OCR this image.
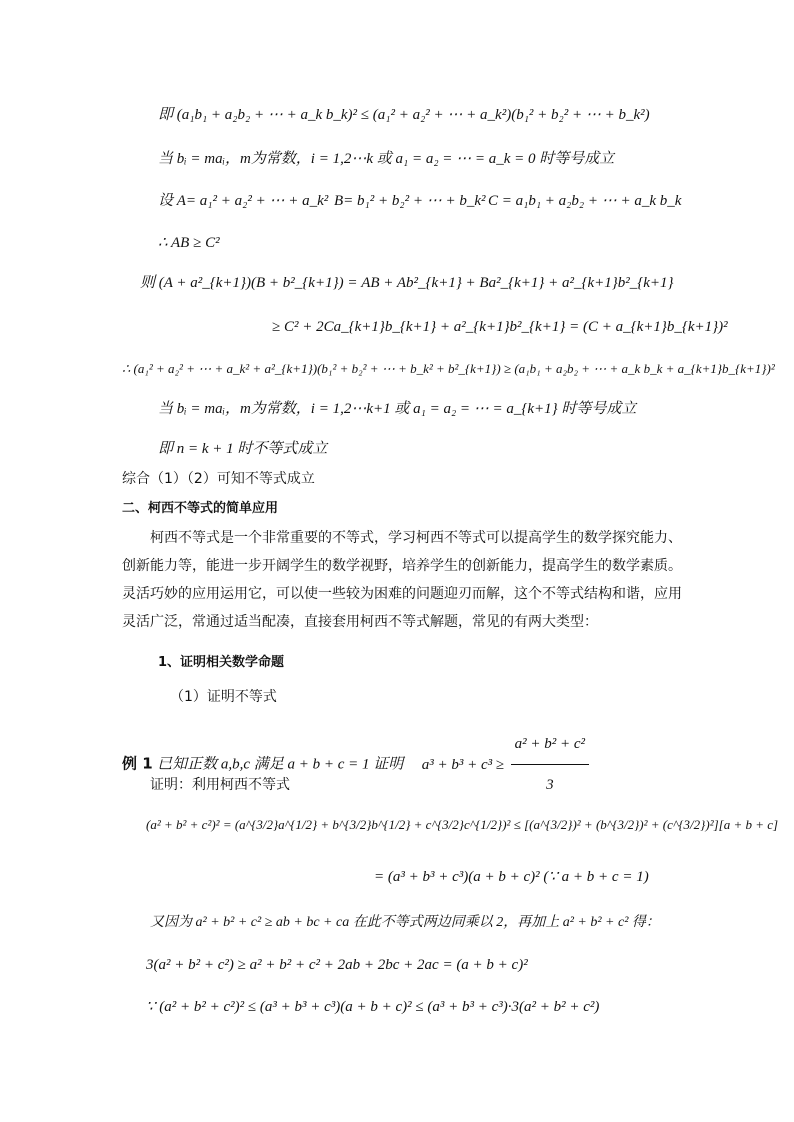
即 (a₁b₁ + a₂b₂ + ⋯ + a_k b_k)² ≤ (a₁² + a₂² + ⋯ + a_k²)(b₁² + b₂² + ⋯ + b_k²)
当 bᵢ = maᵢ，m为常数，i = 1,2⋯k 或 a₁ = a₂ = ⋯ = a_k = 0 时等号成立
设 A= a₁² + a₂² + ⋯ + a_k² B= b₁² + b₂² + ⋯ + b_k² C = a₁b₁ + a₂b₂ + ⋯ + a_k b_k
∴ AB ≥ C²
则 (A + a²_{k+1})(B + b²_{k+1}) = AB + Ab²_{k+1} + Ba²_{k+1} + a²_{k+1}b²_{k+1}
≥ C² + 2Ca_{k+1}b_{k+1} + a²_{k+1}b²_{k+1} = (C + a_{k+1}b_{k+1})²
∴ (a₁² + a₂² + ⋯ + a_k² + a²_{k+1})(b₁² + b₂² + ⋯ + b_k² + b²_{k+1}) ≥ (a₁b₁ + a₂b₂ + ⋯ + a_k b_k + a_{k+1}b_{k+1})²
当 bᵢ = maᵢ，m为常数，i = 1,2⋯k+1 或 a₁ = a₂ = ⋯ = a_{k+1} 时等号成立
即 n = k + 1 时不等式成立
综合（1）（2）可知不等式成立
二、柯西不等式的简单应用

柯西不等式是一个非常重要的不等式，学习柯西不等式可以提高学生的数学探究能力、创新能力等，能进一步开阔学生的数学视野，培养学生的创新能力，提高学生的数学素质。灵活巧妙的应用运用它，可以使一些较为困难的问题迎刃而解，这个不等式结构和谐，应用灵活广泛，常通过适当配凑，直接套用柯西不等式解题，常见的有两大类型：

1、证明相关数学命题
（1）证明不等式
例 1 已知正数 a,b,c 满足 a + b + c = 1 证明 $a^3 + b^3 + c^3 \ge \frac{\text{a² + b² + c²}}{3}$
证明：利用柯西不等式
(a² + b² + c²)² = (a^{3/2}a^{1/2} + b^{3/2}b^{1/2} + c^{3/2}c^{1/2})² ≤ [(a^{3/2})² + (b^{3/2})² + (c^{3/2})²][a + b + c]
= (a³ + b³ + c³)(a + b + c)² (∵ a + b + c = 1)
又因为 a² + b² + c² ≥ ab + bc + ca 在此不等式两边同乘以 2，再加上 a² + b² + c² 得：
3(a² + b² + c²) ≥ a² + b² + c² + 2ab + 2bc + 2ac = (a + b + c)²
∵ (a² + b² + c²)² ≤ (a³ + b³ + c³)(a + b + c)² ≤ (a³ + b³ + c³)·3(a² + b² + c²)
